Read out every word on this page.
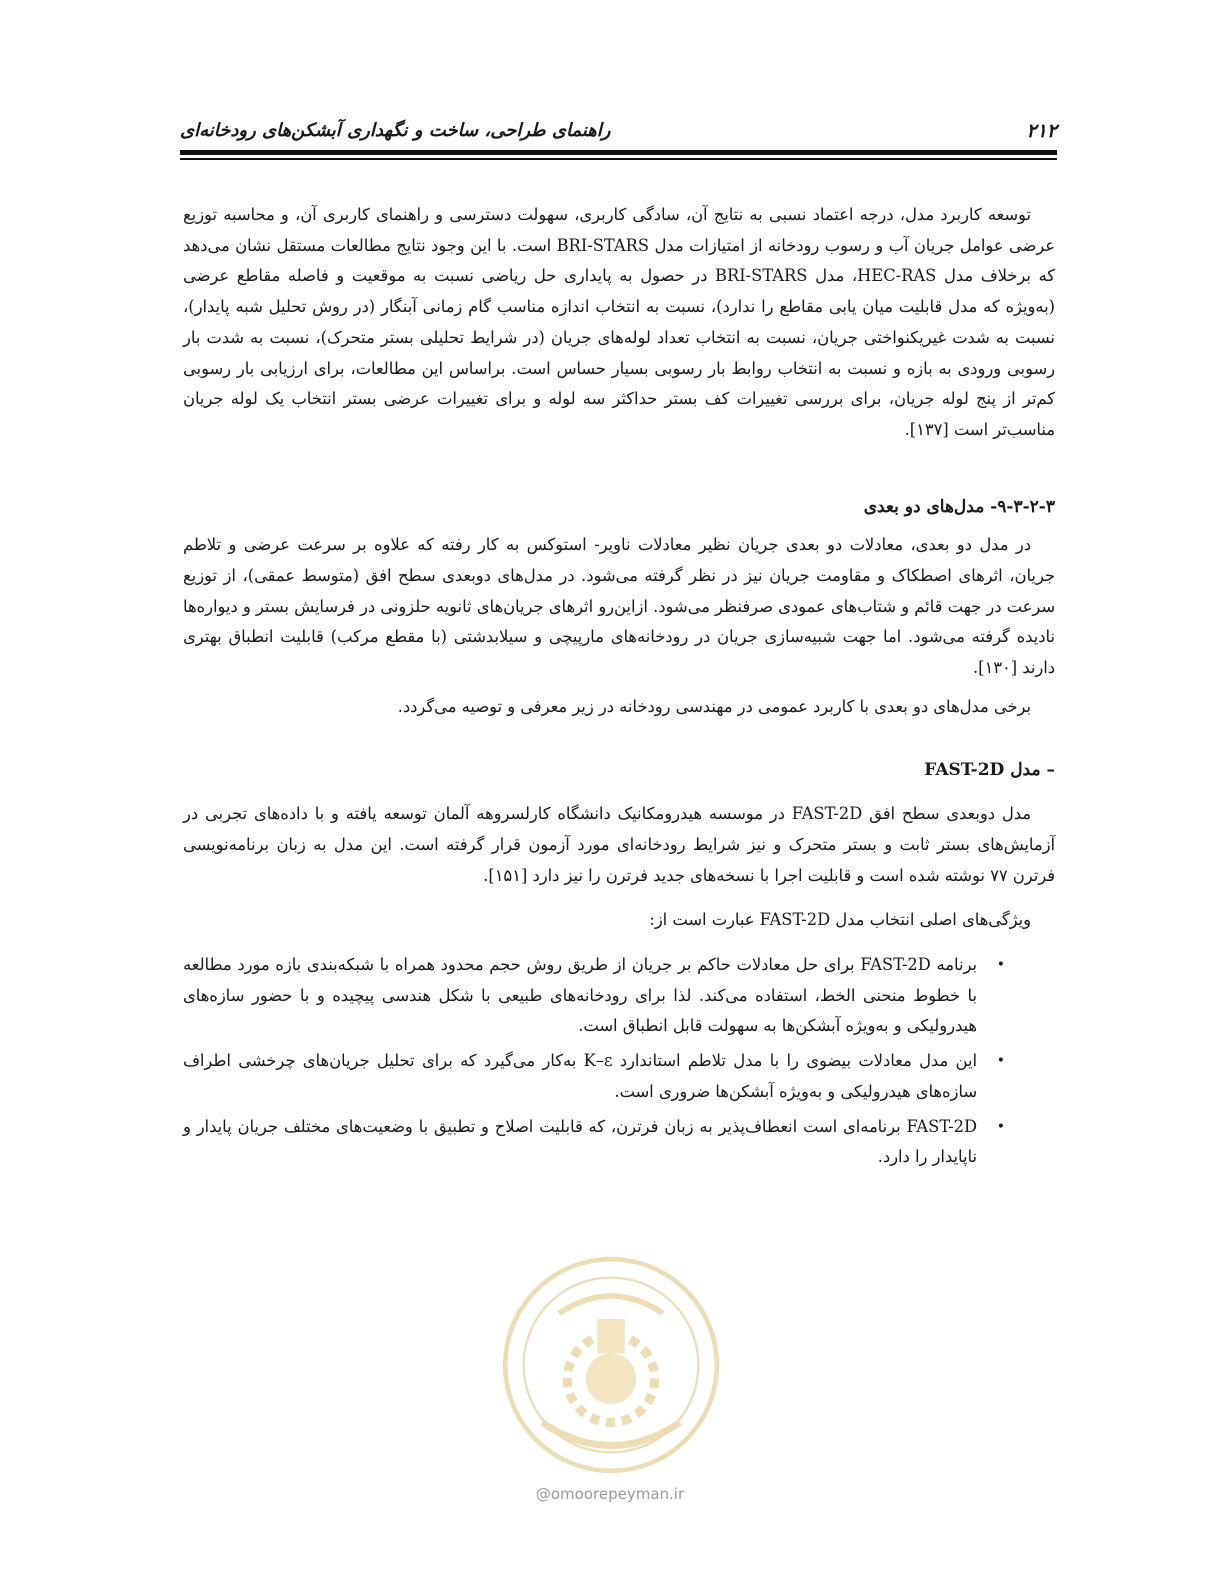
۲۱۲
راهنمای طراحی، ساخت و نگهداری آبشکن‌های رودخانه‌ای

توسعه کاربرد مدل، درجه اعتماد نسبی به نتایج آن، سادگی کاربری، سهولت دسترسی و راهنمای کاربری آن، و محاسبه توزیع عرضی عوامل جریان آب و رسوب رودخانه از امتیازات مدل BRI-STARS است. با این وجود نتایج مطالعات مستقل نشان می‌دهد که برخلاف مدل HEC-RAS، مدل BRI-STARS در حصول به پایداری حل ریاضی نسبت به موقعیت و فاصله مقاطع عرضی (به‌ویژه که مدل قابلیت میان یابی مقاطع را ندارد)، نسبت به انتخاب اندازه مناسب گام زمانی آبنگار (در روش تحلیل شبه پایدار)، نسبت به شدت غیریکنواختی جریان، نسبت به انتخاب تعداد لوله‌های جریان (در شرایط تحلیلی بستر متحرک)، نسبت به شدت بار رسوبی ورودی به بازه و نسبت به انتخاب روابط بار رسوبی بسیار حساس است. براساس این مطالعات، برای ارزیابی بار رسوبی کم‌تر از پنج لوله جریان، برای بررسی تغییرات کف بستر حداکثر سه لوله و برای تغییرات عرضی بستر انتخاب یک لوله جریان مناسب‌تر است [۱۳۷].

۹-۳-۲-۳- مدل‌های دو بعدی

در مدل دو بعدی، معادلات دو بعدی جریان نظیر معادلات ناویر- استوکس به کار رفته که علاوه بر سرعت عرضی و تلاطم جریان، اثرهای اصطکاک و مقاومت جریان نیز در نظر گرفته می‌شود. در مدل‌های دوبعدی سطح افق (متوسط عمقی)، از توزیع سرعت در جهت قائم و شتاب‌های عمودی صرفنظر می‌شود. ازاین‌رو اثرهای جریان‌های ثانویه حلزونی در فرسایش بستر و دیواره‌ها نادیده گرفته می‌شود. اما جهت شبیه‌سازی جریان در رودخانه‌های مارپیچی و سیلابدشتی (با مقطع مرکب) قابلیت انطباق بهتری دارند [۱۳۰].

برخی مدل‌های دو بعدی با کاربرد عمومی در مهندسی رودخانه در زیر معرفی و توصیه می‌گردد.

– مدل FAST-2D

مدل دوبعدی سطح افق FAST-2D در موسسه هیدرومکانیک دانشگاه کارلسروهه آلمان توسعه یافته و با داده‌های تجربی در آزمایش‌های بستر ثابت و بستر متحرک و نیز شرایط رودخانه‌ای مورد آزمون قرار گرفته است. این مدل به زبان برنامه‌نویسی فرترن ۷۷ نوشته شده است و قابلیت اجرا با نسخه‌های جدید فرترن را نیز دارد [۱۵۱].

ویژگی‌های اصلی انتخاب مدل FAST-2D عبارت است از:

•
برنامه FAST-2D برای حل معادلات حاکم بر جریان از طریق روش حجم محدود همراه با شبکه‌بندی بازه مورد مطالعه با خطوط منحنی الخط، استفاده می‌کند. لذا برای رودخانه‌های طبیعی با شکل هندسی پیچیده و با حضور سازه‌های هیدرولیکی و به‌ویژه آبشکن‌ها به سهولت قابل انطباق است.
•
این مدل معادلات بیضوی را با مدل تلاطم استاندارد K–ε به‌کار می‌گیرد که برای تحلیل جریان‌های چرخشی اطراف سازه‌های هیدرولیکی و به‌ویژه آبشکن‌ها ضروری است.
•
FAST-2D برنامه‌ای است انعطاف‌پذیر به زبان فرترن، که قابلیت اصلاح و تطبیق با وضعیت‌های مختلف جریان پایدار و ناپایدار را دارد.
@omoorepeyman.ir
